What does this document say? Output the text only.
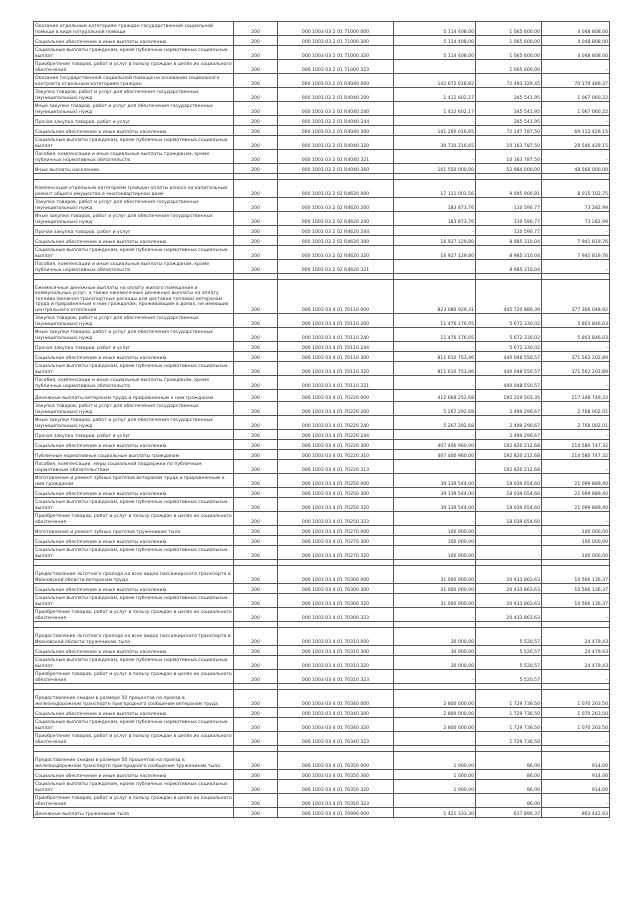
Оказание отдельным категориям граждан государственной социальной помощи в виде натуральной помощи	200	000 1003 03 2 01 71000 000	5 114 408,00	1 065 600,00	4 048 808,00
Социальное обеспечение и иные выплаты населению	200	000 1003 03 2 01 71000 300	5 114 408,00	1 065 600,00	4 048 808,00
Социальные выплаты гражданам, кроме публичных нормативных социальных выплат	200	000 1003 03 2 01 71000 320	5 114 408,00	1 065 600,00	4 048 808,00
Приобретение товаров, работ и услуг в пользу граждан в целях их социального обеспечения	200	000 1003 03 2 01 71000 323	-	1 065 600,00	-
Оказание государственной социальной помощи на основании социального контракта отдельным категориям граждан	200	000 1003 03 2 01 R4040 000	142 672 618,82	72 493 329,45	70 179 489,37
Закупка товаров, работ и услуг для обеспечения государственных (муниципальных) нужд	200	000 1003 03 2 01 R4040 200	1 412 602,17	345 541,95	1 067 060,22
Иные закупки товаров, работ и услуг для обеспечения государственных (муниципальных) нужд	200	000 1003 03 2 01 R4040 240	1 412 602,17	345 541,95	1 067 060,22
Прочая закупка товаров, работ и услуг	200	000 1003 03 2 01 R4040 244	-	345 541,95	-
Социальное обеспечение и иные выплаты населению	200	000 1003 03 2 01 R4040 300	141 260 016,65	72 147 787,50	69 112 429,15
Социальные выплаты гражданам, кроме публичных нормативных социальных выплат	200	000 1003 03 2 01 R4040 320	39 710 216,65	10 163 787,50	29 546 429,15
Пособия, компенсации и иные социальные выплаты гражданам, кроме публичных нормативных обязательств	200	000 1003 03 2 01 R4040 321	-	10 163 787,50	-
Иные выплаты населению	200	000 1003 03 2 01 R4040 360	101 550 000,00	52 984 000,00	48 566 000,00

Компенсация отдельным категориям граждан оплаты взноса на капитальный ремонт общего имущества в многоквартирном доме	200	000 1003 03 2 02 R4620 000	17 111 003,56	9 095 900,81	8 015 102,75
Закупка товаров, работ и услуг для обеспечения государственных (муниципальных) нужд	200	000 1003 03 2 02 R4620 200	183 873,76	110 590,77	73 282,99
Иные закупки товаров, работ и услуг для обеспечения государственных (муниципальных) нужд	200	000 1003 03 2 02 R4620 240	183 873,76	110 590,77	73 282,99
Прочая закупка товаров, работ и услуг	200	000 1003 03 2 02 R4620 244	-	110 590,77	-
Социальное обеспечение и иные выплаты населению	200	000 1003 03 2 02 R4620 300	16 927 129,80	8 985 310,04	7 941 819,76
Социальные выплаты гражданам, кроме публичных нормативных социальных выплат	200	000 1003 03 2 02 R4620 320	16 927 129,80	8 985 310,04	7 941 819,76
Пособия, компенсации и иные социальные выплаты гражданам, кроме публичных нормативных обязательств	200	000 1003 03 2 02 R4620 321	-	8 985 310,04	-

Ежемесячные денежные выплаты на оплату жилого помещения и коммунальных услуг, а также ежемесячные денежные выплаты на оплату топлива (включая транспортные расходы для доставки топлива) ветеранам труда и приравненным к ним гражданам, проживающим в домах, не имеющих центрального отопления	200	000 1003 03 4 01 70110 000	823 086 929,31	445 720 880,39	377 366 048,92
Закупка товаров, работ и услуг для обеспечения государственных (муниципальных) нужд	200	000 1003 03 4 01 70110 200	11 476 176,05	5 672 330,02	5 803 846,03
Иные закупки товаров, работ и услуг для обеспечения государственных (муниципальных) нужд	200	000 1003 03 4 01 70110 240	11 476 176,05	5 672 330,02	5 803 846,03
Прочая закупка товаров, работ и услуг	200	000 1003 03 4 01 70110 244	-	5 672 330,02	-
Социальное обеспечение и иные выплаты населению	200	000 1003 03 4 01 70110 300	811 610 753,46	440 048 550,57	371 562 202,89
Социальные выплаты гражданам, кроме публичных нормативных социальных выплат	200	000 1003 03 4 01 70110 320	811 610 753,46	440 048 550,57	371 562 202,89
Пособия, компенсации и иные социальные выплаты гражданам, кроме публичных нормативных обязательств	200	000 1003 03 4 01 70110 321	-	440 048 550,57	-
Денежные выплаты ветеранам труда и приравненным к ним гражданам	200	000 1003 03 4 01 70220 000	412 668 252,68	195 319 503,35	217 348 749,33
Закупка товаров, работ и услуг для обеспечения государственных (муниципальных) нужд	200	000 1003 03 4 01 70220 200	5 267 292,68	2 499 290,67	2 768 002,01
Иные закупки товаров, работ и услуг для обеспечения государственных (муниципальных) нужд	200	000 1003 03 4 01 70220 240	5 267 292,68	2 499 290,67	2 768 002,01
Прочая закупка товаров, работ и услуг	200	000 1003 03 4 01 70220 244	-	2 499 290,67	-
Социальное обеспечение и иные выплаты населению	200	000 1003 03 4 01 70220 300	407 400 960,00	192 820 212,68	214 580 747,32
Публичные нормативные социальные выплаты гражданам	200	000 1003 03 4 01 70220 310	407 400 960,00	192 820 212,68	214 580 747,32
Пособия, компенсации, меры социальной поддержки по публичным нормативным обязательствам	200	000 1003 03 4 01 70220 313	-	192 820 212,68	-
Изготовление и ремонт зубных протезов ветеранам труда и приравненным к ним гражданам	200	000 1003 03 4 01 70250 000	39 139 544,00	18 039 654,60	21 099 889,40
Социальное обеспечение и иные выплаты населению	200	000 1003 03 4 01 70250 300	39 139 544,00	18 039 654,60	21 099 889,40
Социальные выплаты гражданам, кроме публичных нормативных социальных выплат	200	000 1003 03 4 01 70250 320	39 139 544,00	18 039 654,60	21 099 889,40
Приобретение товаров, работ и услуг в пользу граждан в целях их социального обеспечения	200	000 1003 03 4 01 70250 323	-	18 039 654,60	-
Изготовление и ремонт зубных протезов труженикам тыла	200	000 1003 03 4 01 70270 000	100 000,00	-	100 000,00
Социальное обеспечение и иные выплаты населению	200	000 1003 03 4 01 70270 300	100 000,00	-	100 000,00
Социальные выплаты гражданам, кроме публичных нормативных социальных выплат	200	000 1003 03 4 01 70270 320	100 000,00	-	100 000,00

Предоставление льготного проезда на всех видах пассажирского транспорта в Ивановской области ветеранам труда	200	000 1003 03 4 01 70300 000	31 000 000,00	20 433 863,63	10 566 136,37
Социальное обеспечение и иные выплаты населению	200	000 1003 03 4 01 70300 300	31 000 000,00	20 433 863,63	10 566 136,37
Социальные выплаты гражданам, кроме публичных нормативных социальных выплат	200	000 1003 03 4 01 70300 320	31 000 000,00	20 433 863,63	10 566 136,37
Приобретение товаров, работ и услуг в пользу граждан в целях их социального обеспечения	200	000 1003 03 4 01 70300 323	-	20 433 863,63	-

Предоставление льготного проезда на всех видах пассажирского транспорта в Ивановской области труженикам тыла	200	000 1003 03 4 01 70310 000	30 000,00	5 520,57	24 479,43
Социальное обеспечение и иные выплаты населению	200	000 1003 03 4 01 70310 300	30 000,00	5 520,57	24 479,43
Социальные выплаты гражданам, кроме публичных нормативных социальных выплат	200	000 1003 03 4 01 70310 320	30 000,00	5 520,57	24 479,43
Приобретение товаров, работ и услуг в пользу граждан в целях их социального обеспечения	200	000 1003 03 4 01 70310 323	-	5 520,57	-

Предоставление скидки в размере 50 процентов на проезд в железнодорожном транспорте пригородного сообщения ветеранам труда	200	000 1003 03 4 01 70340 000	2 800 000,00	1 729 736,50	1 070 263,50
Социальное обеспечение и иные выплаты населению	200	000 1003 03 4 01 70340 300	2 800 000,00	1 729 736,50	1 070 263,50
Социальные выплаты гражданам, кроме публичных нормативных социальных выплат	200	000 1003 03 4 01 70340 320	2 800 000,00	1 729 736,50	1 070 263,50
Приобретение товаров, работ и услуг в пользу граждан в целях их социального обеспечения	200	000 1003 03 4 01 70340 323	-	1 729 736,50	-

Предоставление скидки в размере 50 процентов на проезд в железнодорожном транспорте пригородного сообщения труженикам тыла	200	000 1003 03 4 01 70350 000	1 000,00	86,00	914,00
Социальное обеспечение и иные выплаты населению	200	000 1003 03 4 01 70350 300	1 000,00	86,00	914,00
Социальные выплаты гражданам, кроме публичных нормативных социальных выплат	200	000 1003 03 4 01 70350 320	1 000,00	86,00	914,00
Приобретение товаров, работ и услуг в пользу граждан в целях их социального обеспечения	200	000 1003 03 4 01 70350 323	-	86,00	-
Денежные выплаты труженикам тыла	200	000 1003 03 4 01 70990 000	1 421 333,30	617 890,37	803 442,93
